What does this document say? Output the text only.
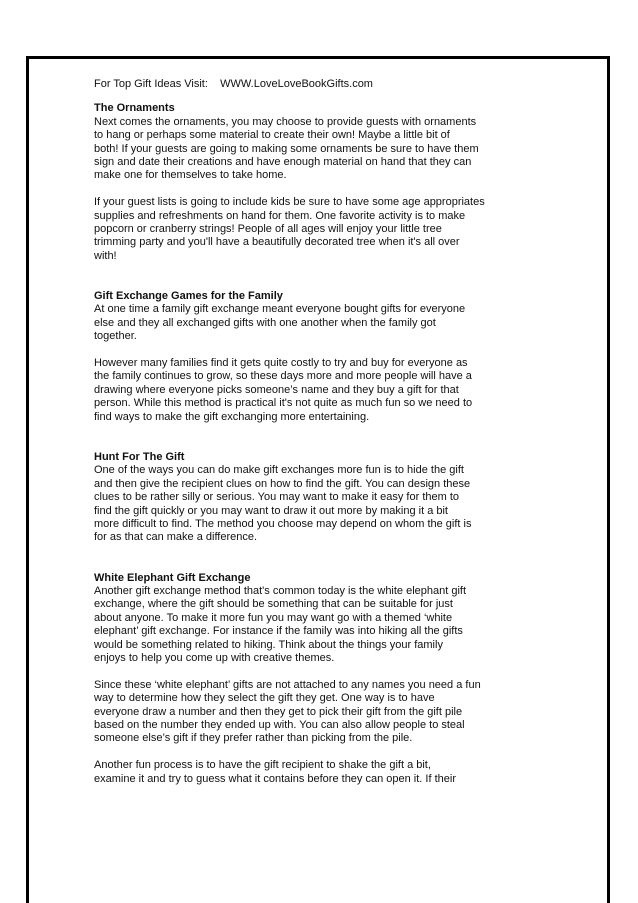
For Top Gift Ideas Visit:    WWW.LoveLoveBookGifts.com

The Ornaments

Next comes the ornaments, you may choose to provide guests with ornaments
to hang or perhaps some material to create their own! Maybe a little bit of
both! If your guests are going to making some ornaments be sure to have them
sign and date their creations and have enough material on hand that they can
make one for themselves to take home.

If your guest lists is going to include kids be sure to have some age appropriates
supplies and refreshments on hand for them. One favorite activity is to make
popcorn or cranberry strings! People of all ages will enjoy your little tree
trimming party and you'll have a beautifully decorated tree when it's all over
with!

Gift Exchange Games for the Family

At one time a family gift exchange meant everyone bought gifts for everyone
else and they all exchanged gifts with one another when the family got
together.

However many families find it gets quite costly to try and buy for everyone as
the family continues to grow, so these days more and more people will have a
drawing where everyone picks someone’s name and they buy a gift for that
person. While this method is practical it's not quite as much fun so we need to
find ways to make the gift exchanging more entertaining.

Hunt For The Gift

One of the ways you can do make gift exchanges more fun is to hide the gift
and then give the recipient clues on how to find the gift. You can design these
clues to be rather silly or serious. You may want to make it easy for them to
find the gift quickly or you may want to draw it out more by making it a bit
more difficult to find. The method you choose may depend on whom the gift is
for as that can make a difference.

White Elephant Gift Exchange

Another gift exchange method that's common today is the white elephant gift
exchange, where the gift should be something that can be suitable for just
about anyone. To make it more fun you may want go with a themed ‘white
elephant’ gift exchange. For instance if the family was into hiking all the gifts
would be something related to hiking. Think about the things your family
enjoys to help you come up with creative themes.

Since these ‘white elephant’ gifts are not attached to any names you need a fun
way to determine how they select the gift they get. One way is to have
everyone draw a number and then they get to pick their gift from the gift pile
based on the number they ended up with. You can also allow people to steal
someone else’s gift if they prefer rather than picking from the pile.

Another fun process is to have the gift recipient to shake the gift a bit,
examine it and try to guess what it contains before they can open it. If their
